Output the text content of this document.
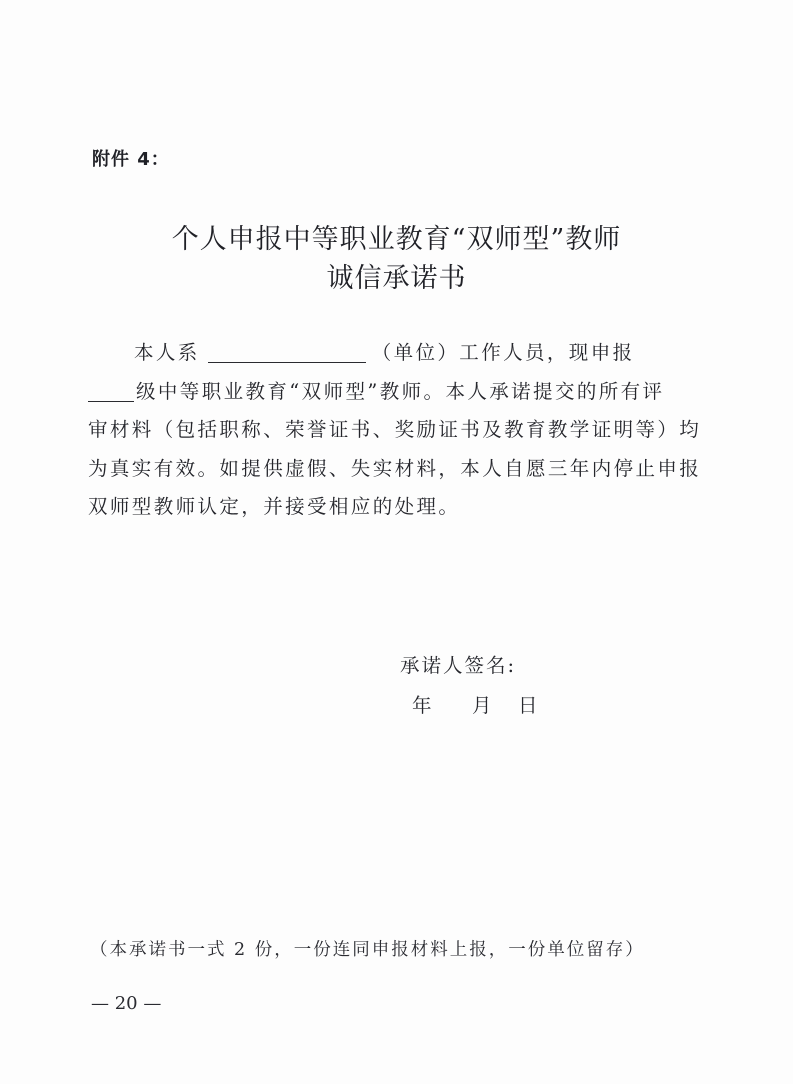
附件 4：
个人申报中等职业教育“双师型”教师
诚信承诺书
本人系	（单位）工作人员，现申报
级中等职业教育“双师型”教师。本人承诺提交的所有评
审材料（包括职称、荣誉证书、奖励证书及教育教学证明等）均
为真实有效。如提供虚假、失实材料，本人自愿三年内停止申报
双师型教师认定，并接受相应的处理。
承诺人签名:
年 月 日
（本承诺书一式 2 份，一份连同申报材料上报，一份单位留存）
— 20 —
